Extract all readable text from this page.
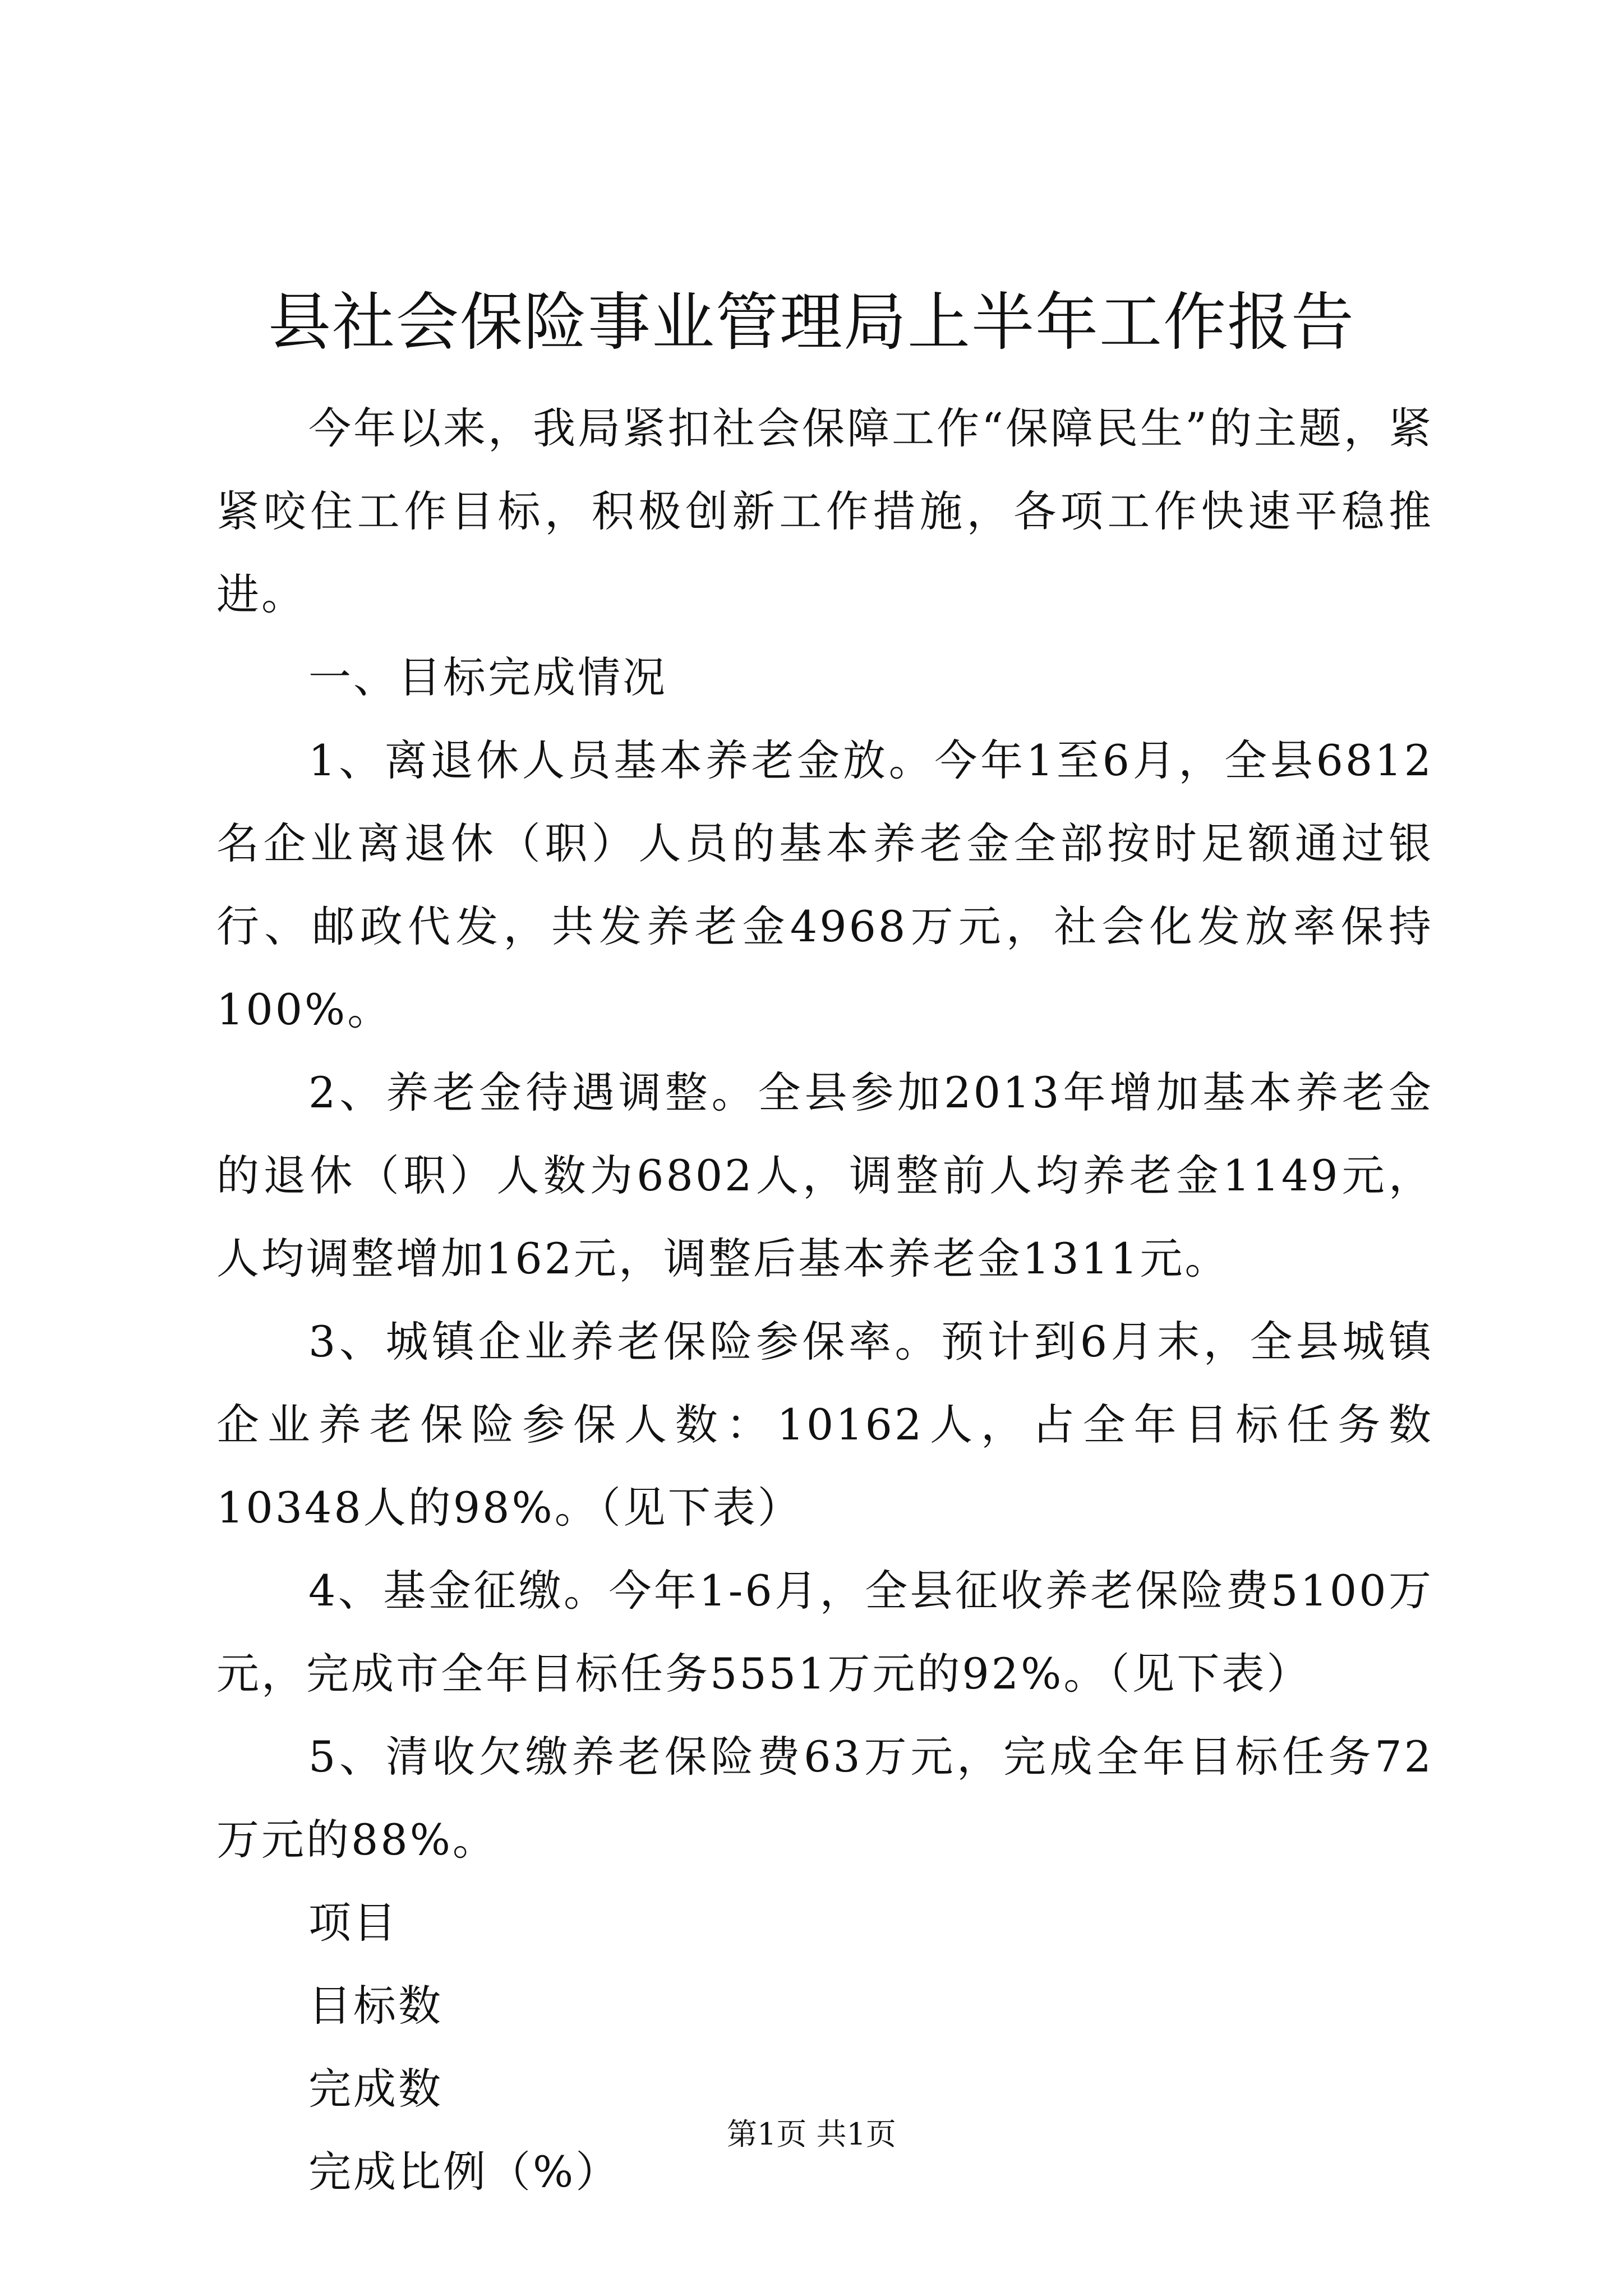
县社会保险事业管理局上半年工作报告

今年以来，我局紧扣社会保障工作“保障民生”的主题，紧紧咬住工作目标，积极创新工作措施，各项工作快速平稳推进。

一、目标完成情况

1、离退休人员基本养老金放。今年1至6月，全县6812名企业离退休（职）人员的基本养老金全部按时足额通过银行、邮政代发，共发养老金4968万元，社会化发放率保持100%。

2、养老金待遇调整。全县参加2013年增加基本养老金的退休（职）人数为6802人，调整前人均养老金1149元，人均调整增加162元，调整后基本养老金1311元。

3、城镇企业养老保险参保率。预计到6月末，全县城镇企业养老保险参保人数：10162人，占全年目标任务数10348人的98%。（见下表）

4、基金征缴。今年1-6月，全县征收养老保险费5100万元，完成市全年目标任务5551万元的92%。（见下表）

5、清收欠缴养老保险费63万元，完成全年目标任务72万元的88%。

项目

目标数

完成数

完成比例（%）

第1页 共1页
